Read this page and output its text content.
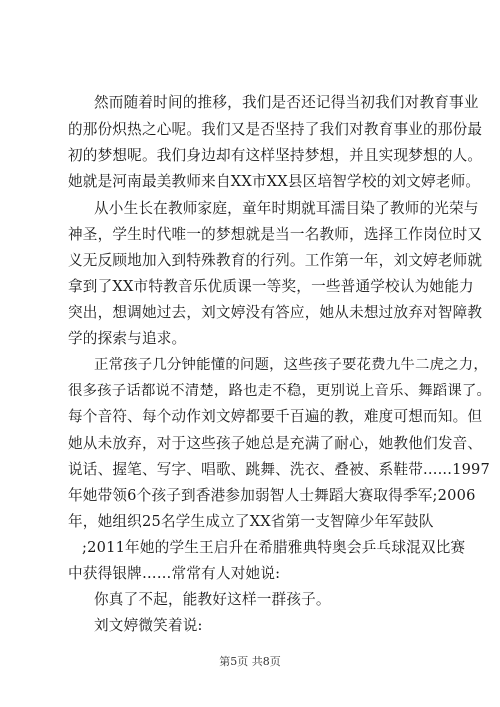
然而随着时间的推移，我们是否还记得当初我们对教育事业
的那份炽热之心呢。我们又是否坚持了我们对教育事业的那份最
初的梦想呢。我们身边却有这样坚持梦想，并且实现梦想的人。
她就是河南最美教师来自XX市XX县区培智学校的刘文婷老师。
从小生长在教师家庭，童年时期就耳濡目染了教师的光荣与
神圣，学生时代唯一的梦想就是当一名教师，选择工作岗位时又
义无反顾地加入到特殊教育的行列。工作第一年，刘文婷老师就
拿到了XX市特教音乐优质课一等奖，一些普通学校认为她能力
突出，想调她过去，刘文婷没有答应，她从未想过放弃对智障教
学的探索与追求。
正常孩子几分钟能懂的问题，这些孩子要花费九牛二虎之力，
很多孩子话都说不清楚，路也走不稳，更别说上音乐、舞蹈课了。
每个音符、每个动作刘文婷都要千百遍的教，难度可想而知。但
她从未放弃，对于这些孩子她总是充满了耐心，她教他们发音、
说话、握笔、写字、唱歌、跳舞、洗衣、叠被、系鞋带......1997
年她带领6个孩子到香港参加弱智人士舞蹈大赛取得季军;2006
年，她组织25名学生成立了XX省第一支智障少年军鼓队
;2011年她的学生王启升在希腊雅典特奥会乒乓球混双比赛
中获得银牌……常常有人对她说:
你真了不起，能教好这样一群孩子。
刘文婷微笑着说:
第5页 共8页
